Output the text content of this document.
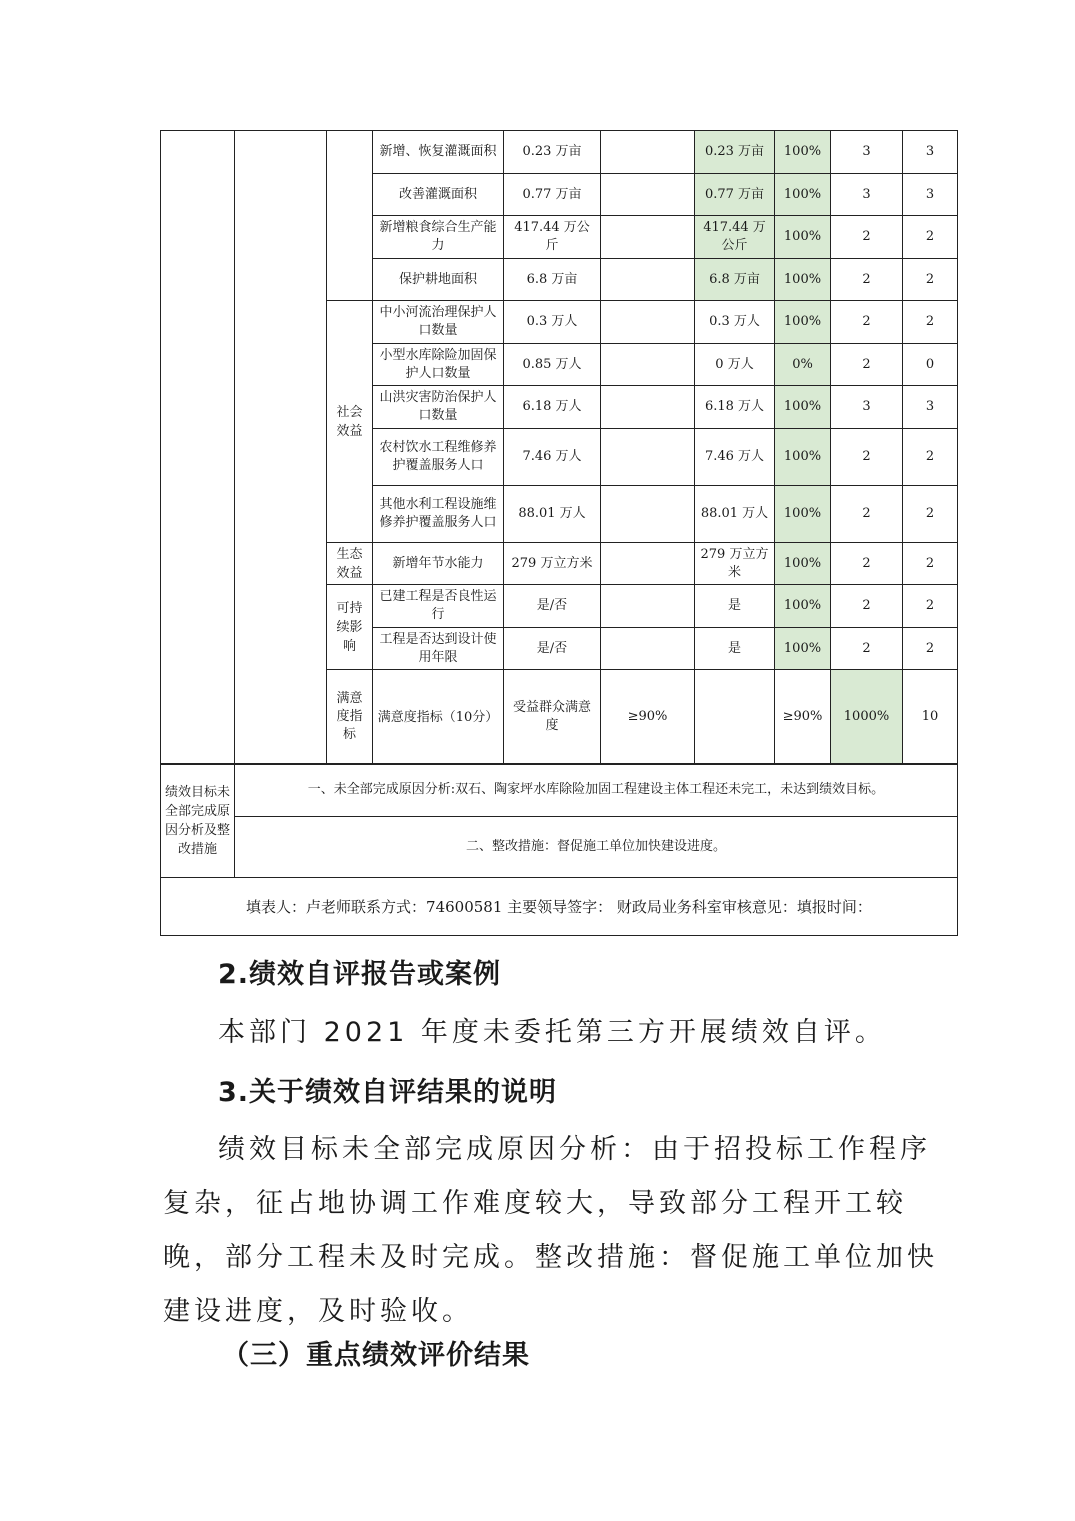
			新增、恢复灌溉面积	0.23 万亩		0.23 万亩	100%	3	3	
			改善灌溉面积	0.77 万亩		0.77 万亩	100%	3	3	
			新增粮食综合生产能力	417.44 万公斤		417.44 万公斤	100%	2	2	
			保护耕地面积	6.8 万亩		6.8 万亩	100%	2	2	
		社会效益	中小河流治理保护人口数量	0.3 万人		0.3 万人	100%	2	2	
			小型水库除险加固保护人口数量	0.85 万人		0 万人	0%	2	0	
			山洪灾害防治保护人口数量	6.18 万人		6.18 万人	100%	3	3	
			农村饮水工程维修养护覆盖服务人口	7.46 万人		7.46 万人	100%	2	2	
			其他水利工程设施维修养护覆盖服务人口	88.01 万人		88.01 万人	100%	2	2	
		生态效益	新增年节水能力	279 万立方米		279 万立方米	100%	2	2	
		可持续影响	已建工程是否良性运行	是/否		是	100%	2	2	
			工程是否达到设计使用年限	是/否		是	100%	2	2	
		满意度指标	满意度指标（10分）	受益群众满意度	≥90%		≥90%	1000%	10	
绩效目标未全部完成原因分析及整改措施	一、未全部完成原因分析:双石、陶家坪水库除险加固工程建设主体工程还未完工，未达到绩效目标。
二、整改措施：督促施工单位加快建设进度。
填表人：卢老师联系方式：74600581 主要领导签字： 财政局业务科室审核意见：填报时间：
2.绩效自评报告或案例

本部门 2021 年度未委托第三方开展绩效自评。

3.关于绩效自评结果的说明

绩效目标未全部完成原因分析：由于招投标工作程序

复杂，征占地协调工作难度较大，导致部分工程开工较

晚，部分工程未及时完成。整改措施：督促施工单位加快

建设进度，及时验收。

（三）重点绩效评价结果
